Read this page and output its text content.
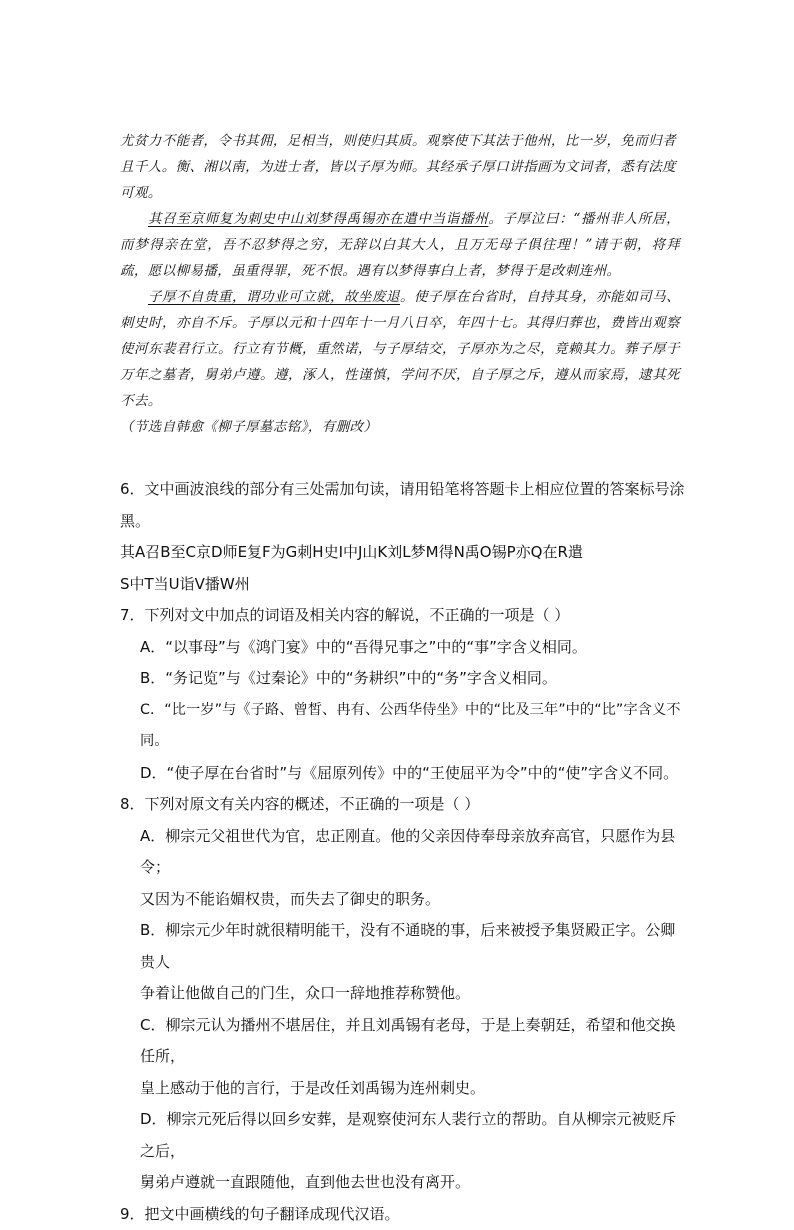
尤贫力不能者，令书其佣，足相当，则使归其质。观察使下其法于他州，比一岁，免而归者
且千人。衡、湘以南，为进士者，皆以子厚为师。其经承子厚口讲指画为文词者，悉有法度
可观。

其召至京师复为刺史中山刘梦得禹锡亦在遣中当诣播州。子厚泣曰：“播州非人所居，而梦得亲在堂，吾不忍梦得之穷，无辞以白其大人，且万无母子俱往理！”请于朝，将拜疏，愿以柳易播，虽重得罪，死不恨。遇有以梦得事白上者，梦得于是改刺连州。

子厚不自贵重，谓功业可立就，故坐废退。使子厚在台省时，自持其身，亦能如司马、刺史时，亦自不斥。子厚以元和十四年十一月八日卒，年四十七。其得归葬也，费皆出观察使河东裴君行立。行立有节概，重然诺，与子厚结交，子厚亦为之尽，竟赖其力。葬子厚于万年之墓者，舅弟卢遵。遵，涿人，性谨慎，学问不厌，自子厚之斥，遵从而家焉，逮其死不去。

（节选自韩愈《柳子厚墓志铭》，有删改）

6．文中画波浪线的部分有三处需加句读，请用铅笔将答题卡上相应位置的答案标号涂黑。

其A召B至C京D师E复F为G刺H史I中J山K刘L梦M得N禹O锡P亦Q在R遣

S中T当U诣V播W州

7．下列对文中加点的词语及相关内容的解说，不正确的一项是（ ）

A．“以事母”与《鸿门宴》中的“吾得兄事之”中的“事”字含义相同。

B．“务记览”与《过秦论》中的“务耕织”中的“务”字含义相同。

C．“比一岁”与《子路、曾皙、冉有、公西华侍坐》中的“比及三年”中的“比”字含义不同。

D．“使子厚在台省时”与《屈原列传》中的“王使屈平为令”中的“使”字含义不同。

8．下列对原文有关内容的概述，不正确的一项是（ ）

A．柳宗元父祖世代为官，忠正刚直。他的父亲因侍奉母亲放弃高官，只愿作为县令；

又因为不能谄媚权贵，而失去了御史的职务。

B．柳宗元少年时就很精明能干，没有不通晓的事，后来被授予集贤殿正字。公卿贵人

争着让他做自己的门生，众口一辞地推荐称赞他。

C．柳宗元认为播州不堪居住，并且刘禹锡有老母，于是上奏朝廷，希望和他交换任所，

皇上感动于他的言行，于是改任刘禹锡为连州刺史。

D．柳宗元死后得以回乡安葬，是观察使河东人裴行立的帮助。自从柳宗元被贬斥之后，

舅弟卢遵就一直跟随他，直到他去世也没有离开。

9．把文中画横线的句子翻译成现代汉语。
